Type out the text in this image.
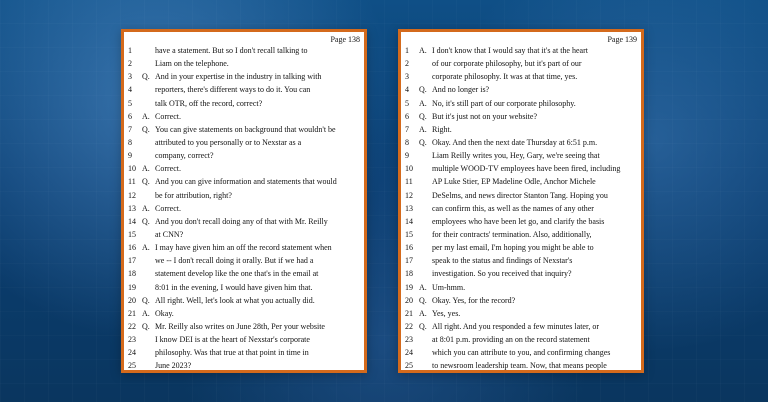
Page 138
1	have a statement. But so I don't recall talking to
2	Liam on the telephone.
3	Q. And in your expertise in the industry in talking with
4	reporters, there's different ways to do it. You can
5	talk OTR, off the record, correct?
6	A. Correct.
7	Q. You can give statements on background that wouldn't be
8	attributed to you personally or to Nexstar as a
9	company, correct?
10 A. Correct.
11 Q. And you can give information and statements that would
12 be for attribution, right?
13 A. Correct.
14 Q. And you don't recall doing any of that with Mr. Reilly
15 at CNN?
16 A. I may have given him an off the record statement when
17 we -- I don't recall doing it orally. But if we had a
18 statement develop like the one that's in the email at
19 8:01 in the evening, I would have given him that.
20 Q. All right. Well, let's look at what you actually did.
21 A. Okay.
22 Q. Mr. Reilly also writes on June 28th, Per your website
23 I know DEI is at the heart of Nexstar's corporate
24 philosophy. Was that true at that point in time in
25 June 2023?
Page 139
1	A. I don't know that I would say that it's at the heart
2	of our corporate philosophy, but it's part of our
3	corporate philosophy. It was at that time, yes.
4	Q. And no longer is?
5	A. No, it's still part of our corporate philosophy.
6	Q. But it's just not on your website?
7	A. Right.
8	Q. Okay. And then the next date Thursday at 6:51 p.m.
9	Liam Reilly writes you, Hey, Gary, we're seeing that
10 multiple WOOD-TV employees have been fired, including
11 AP Luke Stier, EP Madeline Odle, Anchor Michele
12 DeSelms, and news director Stanton Tang. Hoping you
13 can confirm this, as well as the names of any other
14 employees who have been let go, and clarify the basis
15 for their contracts' termination. Also, additionally,
16 per my last email, I'm hoping you might be able to
17 speak to the status and findings of Nexstar's
18 investigation. So you received that inquiry?
19 A. Um-hmm.
20 Q. Okay. Yes, for the record?
21 A. Yes, yes.
22 Q. All right. And you responded a few minutes later, or
23 at 8:01 p.m. providing an on the record statement
24 which you can attribute to you, and confirming changes
25 to newsroom leadership team. Now, that means people
